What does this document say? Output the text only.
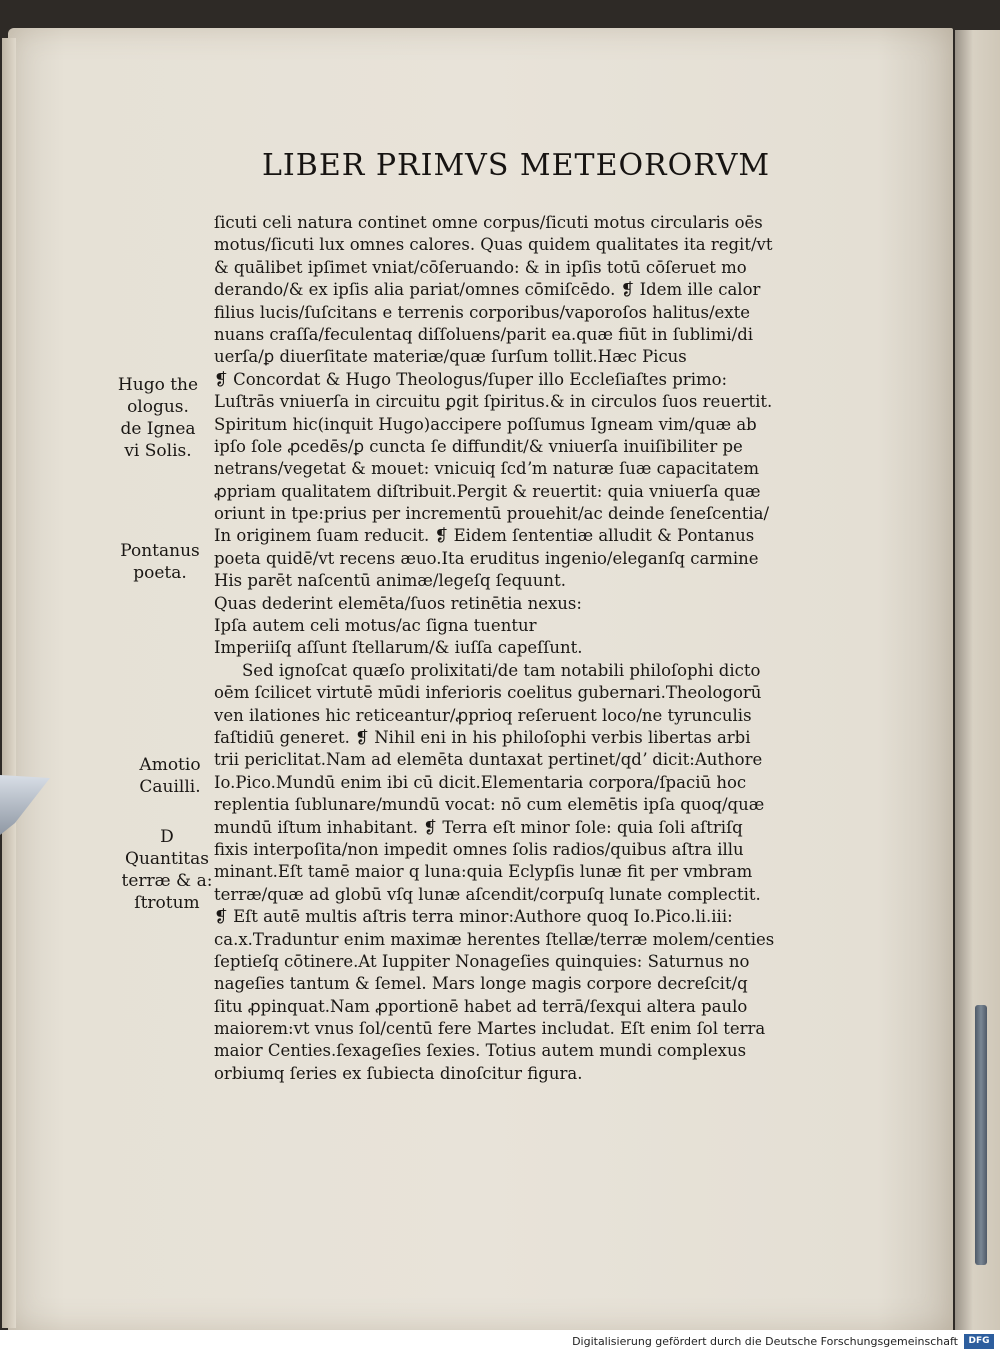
LIBER PRIMVS METEORORVM
Hugo the
ologus.
de Ignea
vi Solis.
Pontanus
poeta.
Amotio
Cauilli.
D
Quantitas
terræ & a:
ſtrotum
ſicuti celi natura continet omne corpus/ſicuti motus circularis oēs
motus/ſicuti lux omnes calores. Quas quidem qualitates ita regit/vt
& quālibet ipſimet vniat/cōſeruando: & in ipſis totū cōſeruet mo
derando/& ex ipſis alia pariat/omnes cōmiſcēdo. ❡ Idem ille calor
filius lucis/ſuſcitans e terrenis corporibus/vaporoſos halitus/exte
nuans craſſa/feculentaq diſſoluens/parit ea.quæ fiūt in ſublimi/di
uerſa/ꝑ diuerſitate materiæ/quæ ſurſum tollit.Hæc Picus
❡ Concordat & Hugo Theologus/ſuper illo Eccleſiaſtes primo:
Luſtrās vniuerſa in circuitu ꝑgit ſpiritus.& in circulos ſuos reuertit.
Spiritum hic(inquit Hugo)accipere poſſumus Igneam vim/quæ ab
ipſo ſole ꝓcedēs/ꝑ cuncta ſe diffundit/& vniuerſa inuiſibiliter pe
netrans/vegetat & mouet: vnicuiq ſcdʼm naturæ ſuæ capacitatem
ꝓpriam qualitatem diſtribuit.Pergit & reuertit: quia vniuerſa quæ
oriunt in tpe:prius per incrementū prouehit/ac deinde ſeneſcentia/
In originem ſuam reducit. ❡ Eidem ſententiæ alludit & Pontanus
poeta quidē/vt recens æuo.Ita eruditus ingenio/eleganſq carmine
His parēt naſcentū animæ/legeſq ſequunt.
Quas dederint elemēta/ſuos retinētia nexus:
Ipſa autem celi motus/ac ſigna tuentur
Imperiiſq aſſunt ſtellarum/& iuſſa capeſſunt.
Sed ignoſcat quæſo prolixitati/de tam notabili philoſophi dicto
oēm ſcilicet virtutē mūdi inferioris coelitus gubernari.Theologorū
ven ilationes hic reticeantur/ꝓprioq reſeruent loco/ne tyrunculis
faſtidiū generet. ❡ Nihil eni in his philoſophi verbis libertas arbi
trii periclitat.Nam ad elemēta duntaxat pertinet/qdʼ dicit:Authore
Io.Pico.Mundū enim ibi cū dicit.Elementaria corpora/ſpaciū hoc
replentia ſublunare/mundū vocat: nō cum elemētis ipſa quoq/quæ
mundū iſtum inhabitant. ❡ Terra eſt minor ſole: quia ſoli aſtriſq
fixis interpoſita/non impedit omnes ſolis radios/quibus aſtra illu
minant.Eſt tamē maior q luna:quia Eclypſis lunæ fit per vmbram
terræ/quæ ad globū vſq lunæ aſcendit/corpuſq lunate complectit.
❡ Eſt autē multis aſtris terra minor:Authore quoq Io.Pico.li.iii:
ca.x.Traduntur enim maximæ herentes ſtellæ/terræ molem/centies
ſeptieſq cōtinere.At Iuppiter Nonageſies quinquies: Saturnus no
nageſies tantum & ſemel. Mars longe magis corpore decreſcit/q
ſitu ꝓpinquat.Nam ꝓportionē habet ad terrā/ſexqui altera paulo
maiorem:vt vnus ſol/centū fere Martes includat. Eſt enim ſol terra
maior Centies.ſexageſies ſexies. Totius autem mundi complexus
orbiumq ſeries ex ſubiecta dinoſcitur figura.
Digitalisierung gefördert durch die Deutsche Forschungsgemeinschaft	DFG
